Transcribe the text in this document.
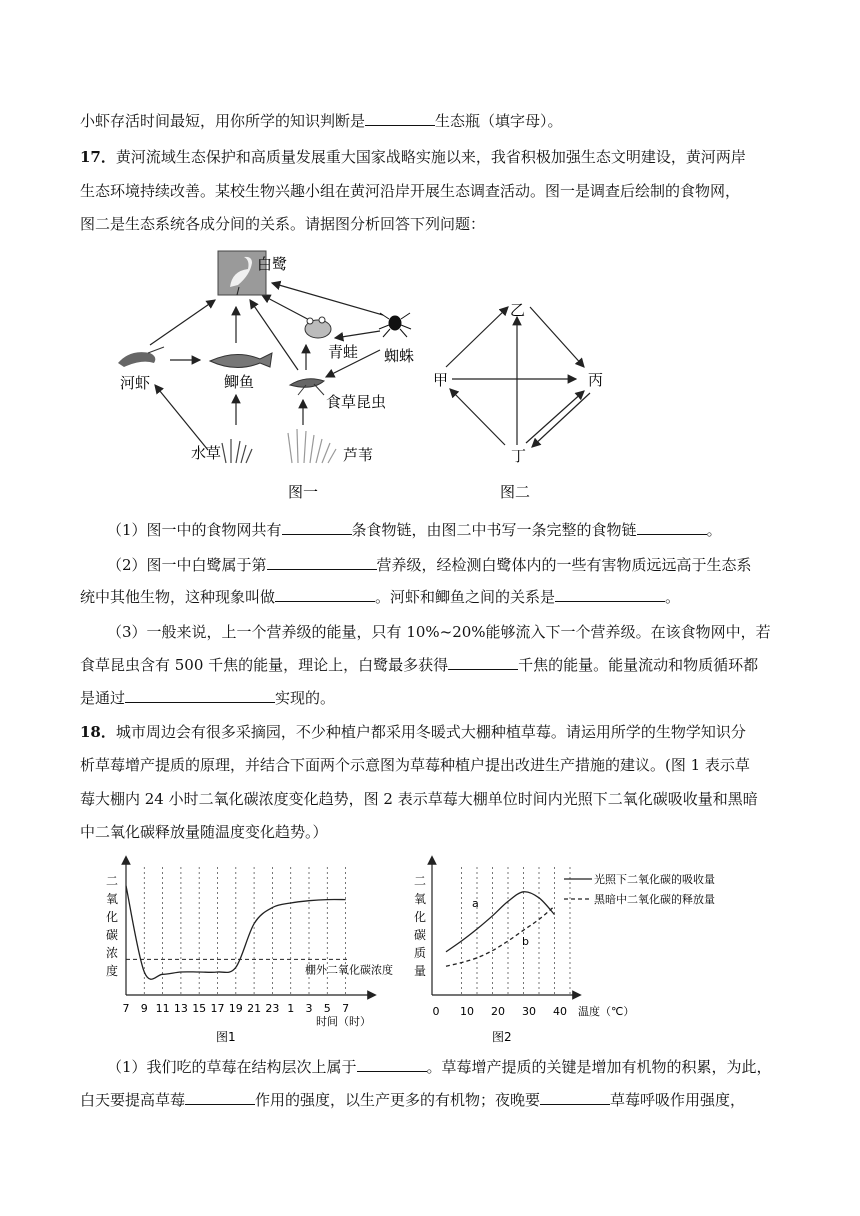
小虾存活时间最短，用你所学的知识判断是	生态瓶（填字母）。
17．黄河流域生态保护和高质量发展重大国家战略实施以来，我省积极加强生态文明建设，黄河两岸
生态环境持续改善。某校生物兴趣小组在黄河沿岸开展生态调查活动。图一是调查后绘制的食物网，
图二是生态系统各成分间的关系。请据图分析回答下列问题：
白鹭
青蛙 蜘蛛
河虾	鲫鱼
食草昆虫
水草	芦苇
图一
乙
甲	丙
丁
图二
（1）图一中的食物网共有	条食物链，由图二中书写一条完整的食物链	。
（2）图一中白鹭属于第	营养级，经检测白鹭体内的一些有害物质远远高于生态系
统中其他生物，这种现象叫做	。河虾和鲫鱼之间的关系是	。
（3）一般来说，上一个营养级的能量，只有 10%~20%能够流入下一个营养级。在该食物网中，若
食草昆虫含有 500 千焦的能量，理论上，白鹭最多获得	千焦的能量。能量流动和物质循环都
是通过	实现的。
18．城市周边会有很多采摘园，不少种植户都采用冬暖式大棚种植草莓。请运用所学的生物学知识分
析草莓增产提质的原理，并结合下面两个示意图为草莓种植户提出改进生产措施的建议。(图 1 表示草
莓大棚内 24 小时二氧化碳浓度变化趋势，图 2 表示草莓大棚单位时间内光照下二氧化碳吸收量和黑暗
中二氧化碳释放量随温度变化趋势。）
二
氧
化
碳
浓
度
7 9 11 13 15 17 19 21 23 1 3 5 7
棚外二氧化碳浓度
时间（时）
图1
二
氧
化
碳
质
量
0 10 20 30 40
a
b
光照下二氧化碳的吸收量
黑暗中二氧化碳的释放量
温度（℃）
图2
（1）我们吃的草莓在结构层次上属于	。草莓增产提质的关键是增加有机物的积累，为此，
白天要提高草莓	作用的强度，以生产更多的有机物；夜晚要	草莓呼吸作用强度，
